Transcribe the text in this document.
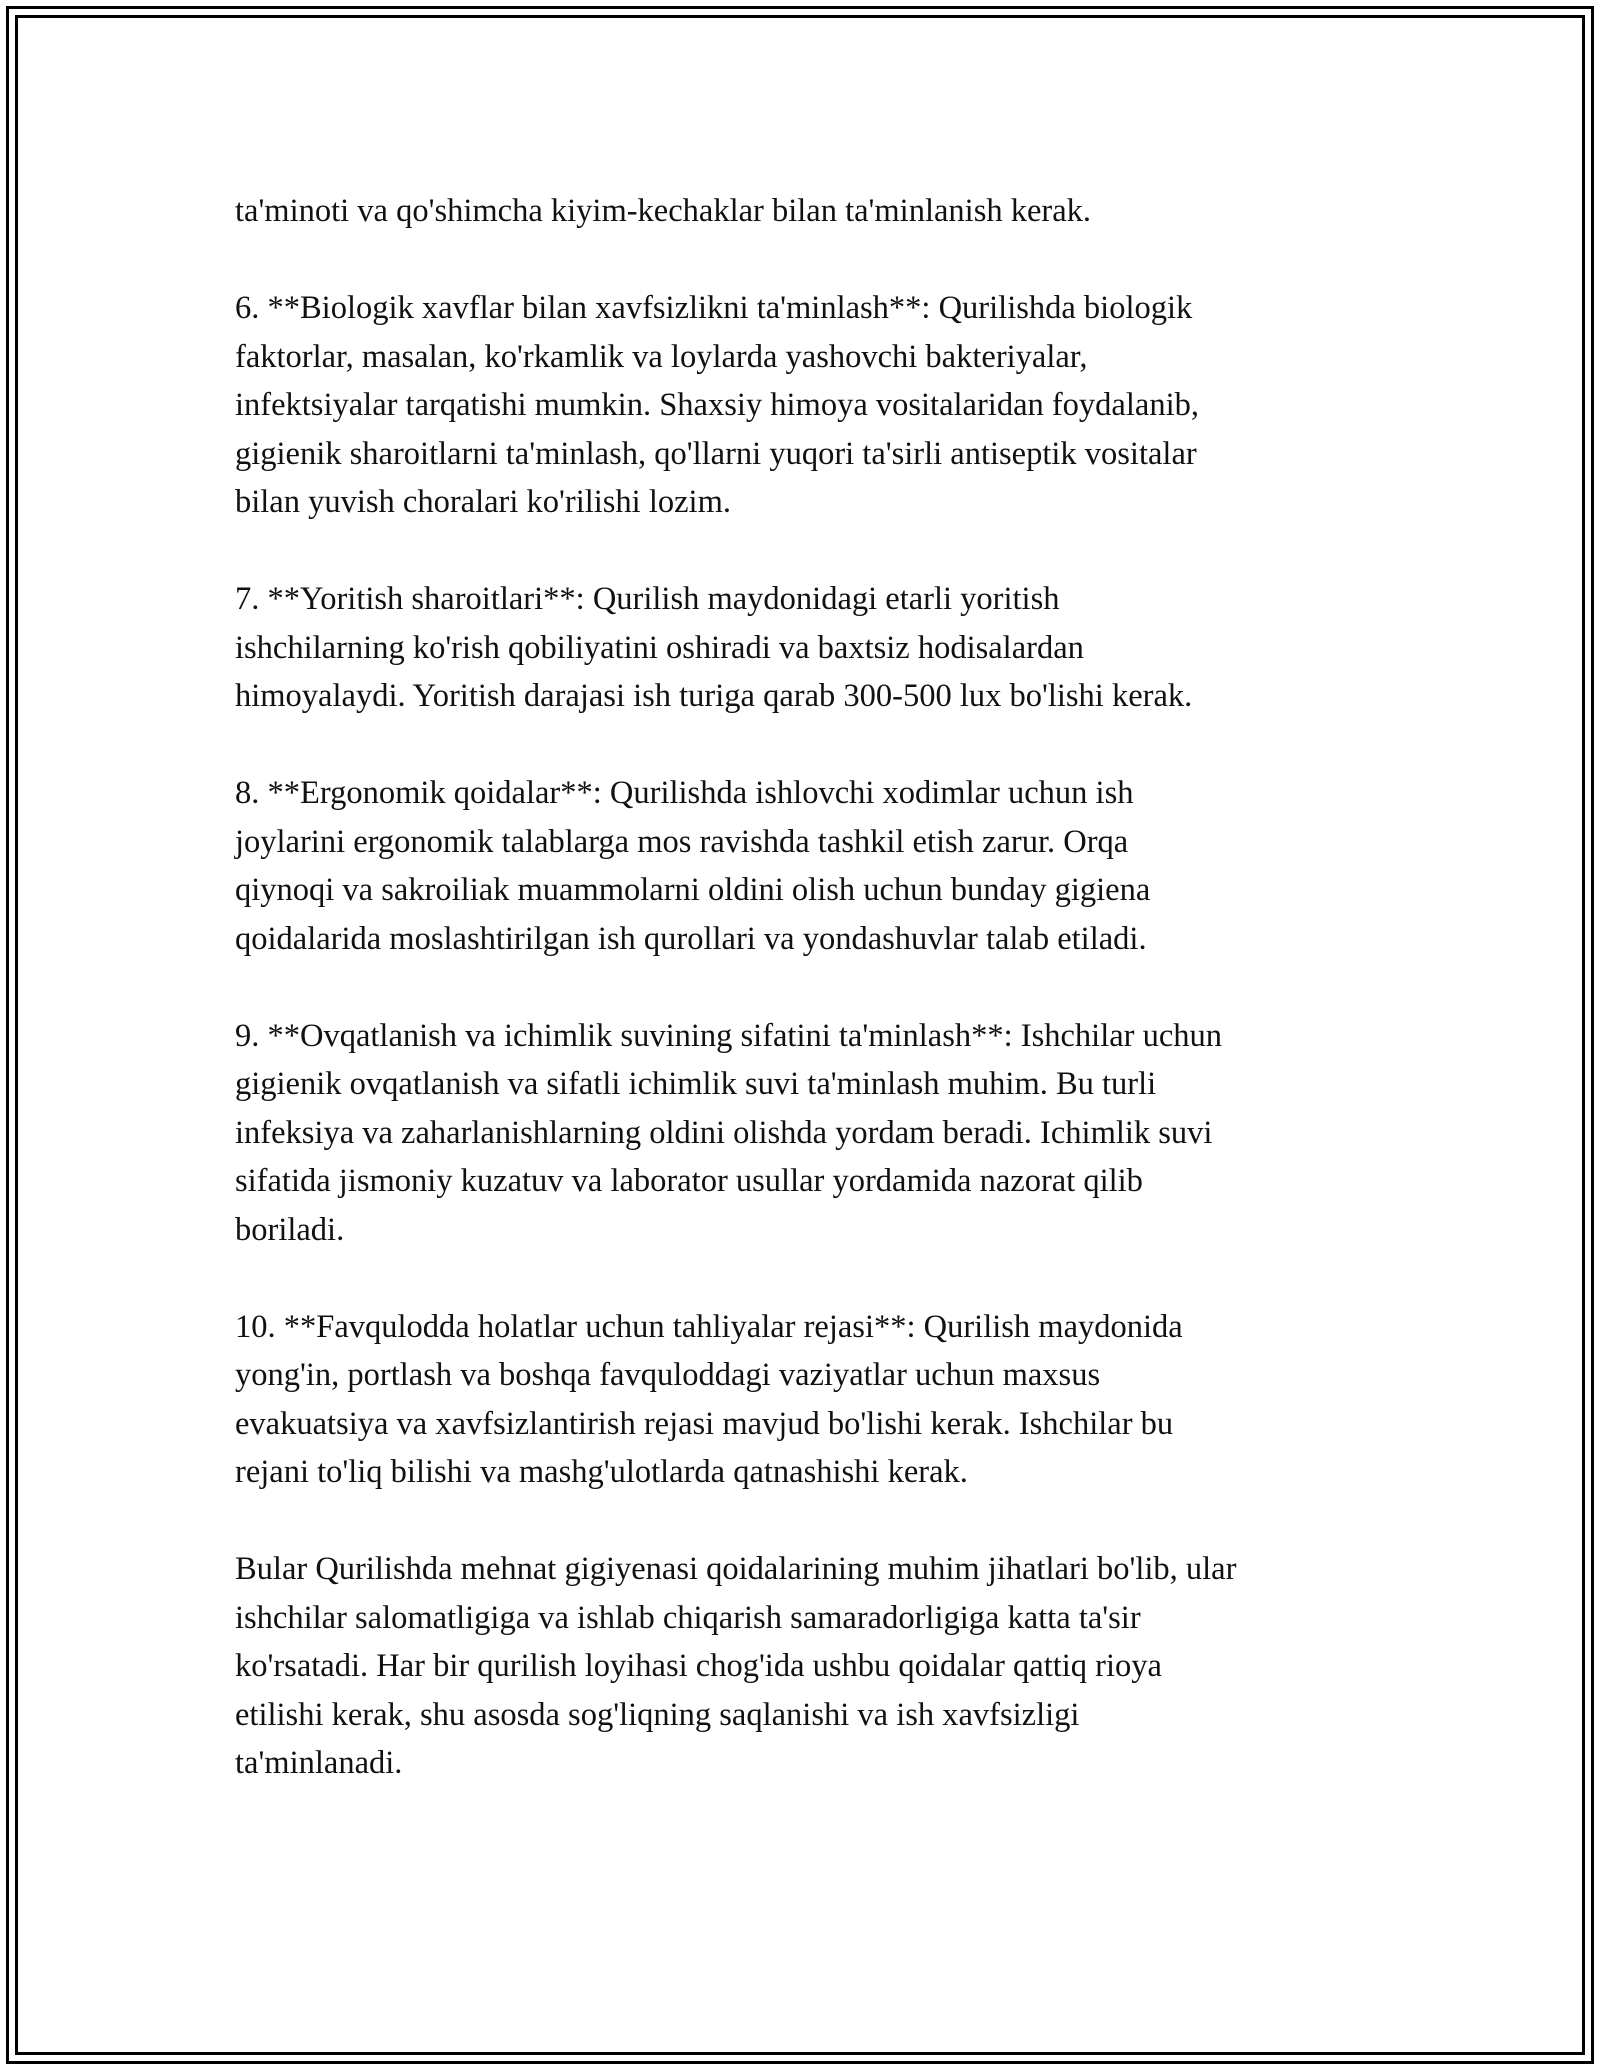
ta'minoti va qo'shimcha kiyim-kechaklar bilan ta'minlanish kerak.

6. **Biologik xavflar bilan xavfsizlikni ta'minlash**: Qurilishda biologik
faktorlar, masalan, ko'rkamlik va loylarda yashovchi bakteriyalar,
infektsiyalar tarqatishi mumkin. Shaxsiy himoya vositalaridan foydalanib,
gigienik sharoitlarni ta'minlash, qo'llarni yuqori ta'sirli antiseptik vositalar
bilan yuvish choralari ko'rilishi lozim.

7. **Yoritish sharoitlari**: Qurilish maydonidagi etarli yoritish
ishchilarning ko'rish qobiliyatini oshiradi va baxtsiz hodisalardan
himoyalaydi. Yoritish darajasi ish turiga qarab 300-500 lux bo'lishi kerak.

8. **Ergonomik qoidalar**: Qurilishda ishlovchi xodimlar uchun ish
joylarini ergonomik talablarga mos ravishda tashkil etish zarur. Orqa
qiynoqi va sakroiliak muammolarni oldini olish uchun bunday gigiena
qoidalarida moslashtirilgan ish qurollari va yondashuvlar talab etiladi.

9. **Ovqatlanish va ichimlik suvining sifatini ta'minlash**: Ishchilar uchun
gigienik ovqatlanish va sifatli ichimlik suvi ta'minlash muhim. Bu turli
infeksiya va zaharlanishlarning oldini olishda yordam beradi. Ichimlik suvi
sifatida jismoniy kuzatuv va laborator usullar yordamida nazorat qilib
boriladi.

10. **Favqulodda holatlar uchun tahliyalar rejasi**: Qurilish maydonida
yong'in, portlash va boshqa favquloddagi vaziyatlar uchun maxsus
evakuatsiya va xavfsizlantirish rejasi mavjud bo'lishi kerak. Ishchilar bu
rejani to'liq bilishi va mashg'ulotlarda qatnashishi kerak.

Bular Qurilishda mehnat gigiyenasi qoidalarining muhim jihatlari bo'lib, ular
ishchilar salomatligiga va ishlab chiqarish samaradorligiga katta ta'sir
ko'rsatadi. Har bir qurilish loyihasi chog'ida ushbu qoidalar qattiq rioya
etilishi kerak, shu asosda sog'liqning saqlanishi va ish xavfsizligi
ta'minlanadi.
